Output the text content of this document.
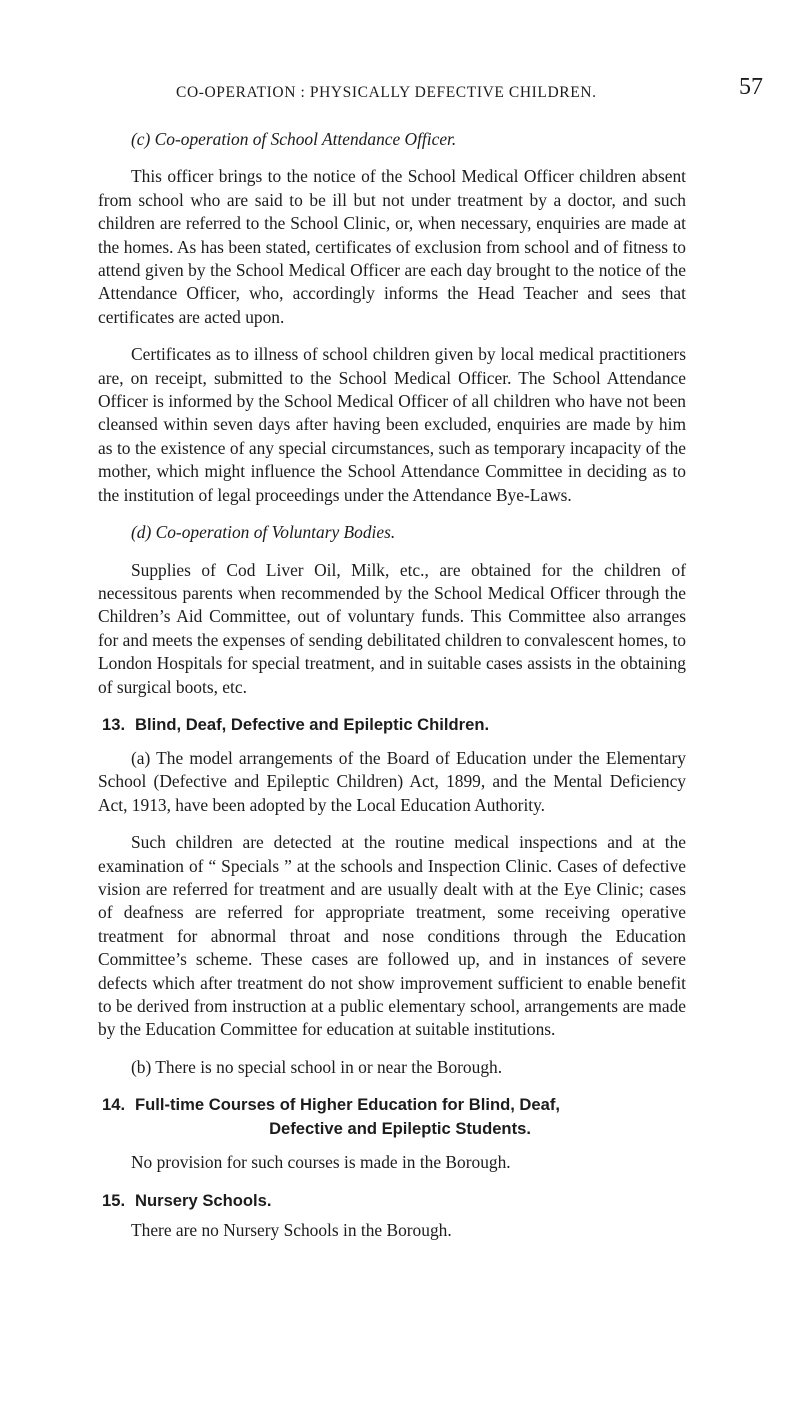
CO-OPERATION : PHYSICALLY DEFECTIVE CHILDREN.	57

(c) Co-operation of School Attendance Officer.

This officer brings to the notice of the School Medical Officer children absent from school who are said to be ill but not under treatment by a doctor, and such children are referred to the School Clinic, or, when necessary, enquiries are made at the homes. As has been stated, certificates of exclusion from school and of fitness to attend given by the School Medical Officer are each day brought to the notice of the Attendance Officer, who, accordingly informs the Head Teacher and sees that certificates are acted upon.

Certificates as to illness of school children given by local medical practitioners are, on receipt, submitted to the School Medical Officer. The School Attendance Officer is informed by the School Medical Officer of all children who have not been cleansed within seven days after having been excluded, enquiries are made by him as to the existence of any special circumstances, such as temporary incapacity of the mother, which might influence the School Attendance Committee in deciding as to the institution of legal proceedings under the Attendance Bye-Laws.

(d) Co-operation of Voluntary Bodies.

Supplies of Cod Liver Oil, Milk, etc., are obtained for the children of necessitous parents when recommended by the School Medical Officer through the Children’s Aid Committee, out of voluntary funds. This Committee also arranges for and meets the expenses of sending debilitated children to convalescent homes, to London Hospitals for special treatment, and in suitable cases assists in the obtaining of surgical boots, etc.

13. Blind, Deaf, Defective and Epileptic Children.

(a) The model arrangements of the Board of Education under the Elementary School (Defective and Epileptic Children) Act, 1899, and the Mental Deficiency Act, 1913, have been adopted by the Local Education Authority.

Such children are detected at the routine medical inspections and at the examination of “ Specials ” at the schools and Inspection Clinic. Cases of defective vision are referred for treatment and are usually dealt with at the Eye Clinic; cases of deafness are referred for appropriate treatment, some receiving operative treatment for abnormal throat and nose conditions through the Education Committee’s scheme. These cases are followed up, and in instances of severe defects which after treatment do not show improvement sufficient to enable benefit to be derived from instruction at a public elementary school, arrangements are made by the Education Committee for education at suitable institutions.

(b) There is no special school in or near the Borough.

14. Full-time Courses of Higher Education for Blind, Deaf,
Defective and Epileptic Students.

No provision for such courses is made in the Borough.

15. Nursery Schools.

There are no Nursery Schools in the Borough.
